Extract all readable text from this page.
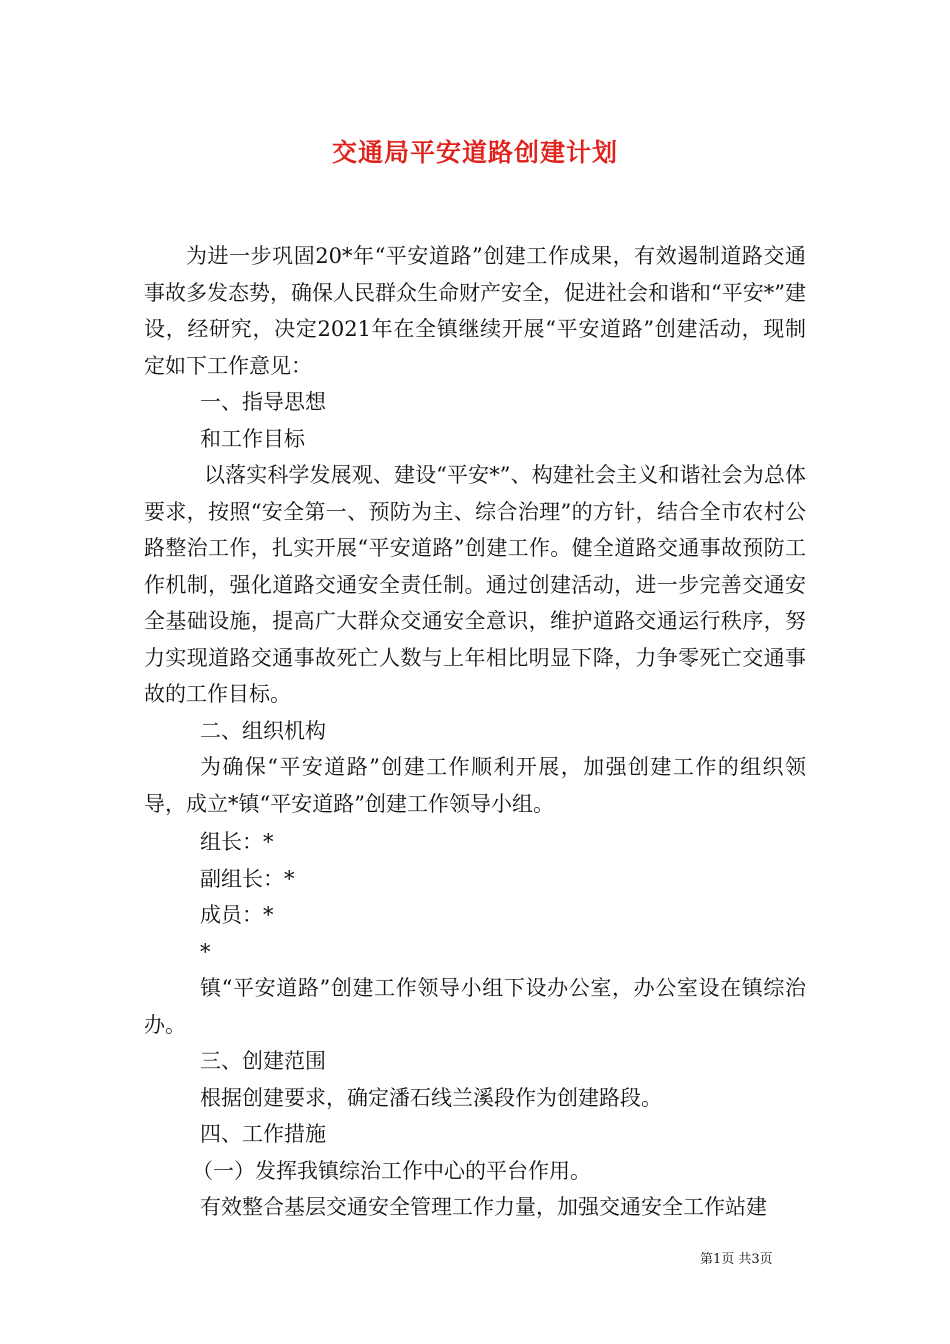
交通局平安道路创建计划

为进一步巩固20*年“平安道路”创建工作成果，有效遏制道路交通事故多发态势，确保人民群众生命财产安全，促进社会和谐和“平安*”建设，经研究，决定2021年在全镇继续开展“平安道路”创建活动，现制定如下工作意见：

一、指导思想

和工作目标

以落实科学发展观、建设“平安*”、构建社会主义和谐社会为总体要求，按照“安全第一、预防为主、综合治理”的方针，结合全市农村公路整治工作，扎实开展“平安道路”创建工作。健全道路交通事故预防工作机制，强化道路交通安全责任制。通过创建活动，进一步完善交通安全基础设施，提高广大群众交通安全意识，维护道路交通运行秩序，努力实现道路交通事故死亡人数与上年相比明显下降，力争零死亡交通事故的工作目标。

二、组织机构

为确保“平安道路”创建工作顺利开展，加强创建工作的组织领导，成立*镇“平安道路”创建工作领导小组。

组长：*

副组长：*

成员：*

*

镇“平安道路”创建工作领导小组下设办公室，办公室设在镇综治办。

三、创建范围

根据创建要求，确定潘石线兰溪段作为创建路段。

四、工作措施

（一）发挥我镇综治工作中心的平台作用。

有效整合基层交通安全管理工作力量，加强交通安全工作站建

第1页 共3页
